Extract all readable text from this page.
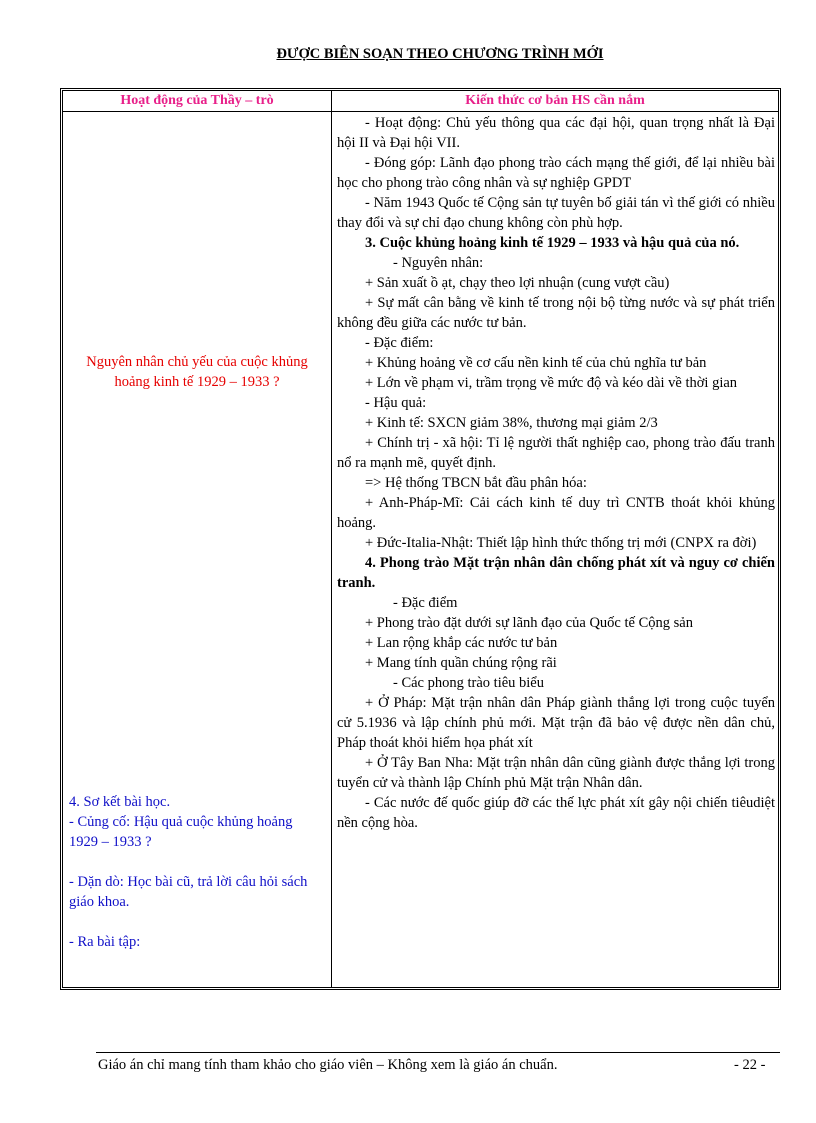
ĐƯỢC BIÊN SOẠN THEO CHƯƠNG TRÌNH MỚI
Hoạt động của Thầy – trò	Kiến thức cơ bản HS cần nắm
Nguyên nhân chủ yếu của cuộc khủng hoảng kinh tế 1929 – 1933 ?
4. Sơ kết bài học.
- Củng cố: Hậu quả cuộc khủng hoảng 1929 – 1933 ?
- Dặn dò: Học bài cũ, trả lời câu hỏi sách giáo khoa.
- Ra bài tập:

- Hoạt động: Chủ yếu thông qua các đại hội, quan trọng nhất là Đại hội II và Đại hội VII.

- Đóng góp: Lãnh đạo phong trào cách mạng thế giới, để lại nhiều bài học cho phong trào công nhân và sự nghiệp GPDT

- Năm 1943 Quốc tế Cộng sản tự tuyên bố giải tán vì thế giới có nhiều thay đổi và sự chỉ đạo chung không còn phù hợp.

3. Cuộc khủng hoảng kinh tế 1929 – 1933 và hậu quả của nó.

- Nguyên nhân:

+ Sản xuất ồ ạt, chạy theo lợi nhuận (cung vượt cầu)

+ Sự mất cân bằng về kinh tế trong nội bộ từng nước và sự phát triển không đều giữa các nước tư bản.

- Đặc điểm:

+ Khủng hoảng về cơ cấu nền kinh tế của chủ nghĩa tư bản

+ Lớn về phạm vi, trầm trọng về mức độ và kéo dài về thời gian

- Hậu quả:

+ Kinh tế: SXCN giảm 38%, thương mại giảm 2/3

+ Chính trị - xã hội: Tỉ lệ người thất nghiệp cao, phong trào đấu tranh nổ ra mạnh mẽ, quyết định.

=> Hệ thống TBCN bắt đầu phân hóa:

+ Anh-Pháp-Mĩ: Cải cách kinh tế duy trì CNTB thoát khỏi khủng hoảng.

+ Đức-Italia-Nhật: Thiết lập hình thức thống trị mới (CNPX ra đời)

4. Phong trào Mặt trận nhân dân chống phát xít và nguy cơ chiến tranh.

- Đặc điểm

+ Phong trào đặt dưới sự lãnh đạo của Quốc tế Cộng sản

+ Lan rộng khắp các nước tư bản

+ Mang tính quần chúng rộng rãi

- Các phong trào tiêu biểu

+ Ở Pháp: Mặt trận nhân dân Pháp giành thắng lợi trong cuộc tuyển cử 5.1936 và lập chính phủ mới. Mặt trận đã bảo vệ được nền dân chủ, Pháp thoát khỏi hiểm họa phát xít

+ Ở Tây Ban Nha: Mặt trận nhân dân cũng giành được thắng lợi trong tuyển cử và thành lập Chính phủ Mặt trận Nhân dân.

- Các nước đế quốc giúp đỡ các thế lực phát xít gây nội chiến tiêudiệt nền cộng hòa.

Giáo án chỉ mang tính tham khảo cho giáo viên – Không xem là giáo án chuẩn.	- 22 -
